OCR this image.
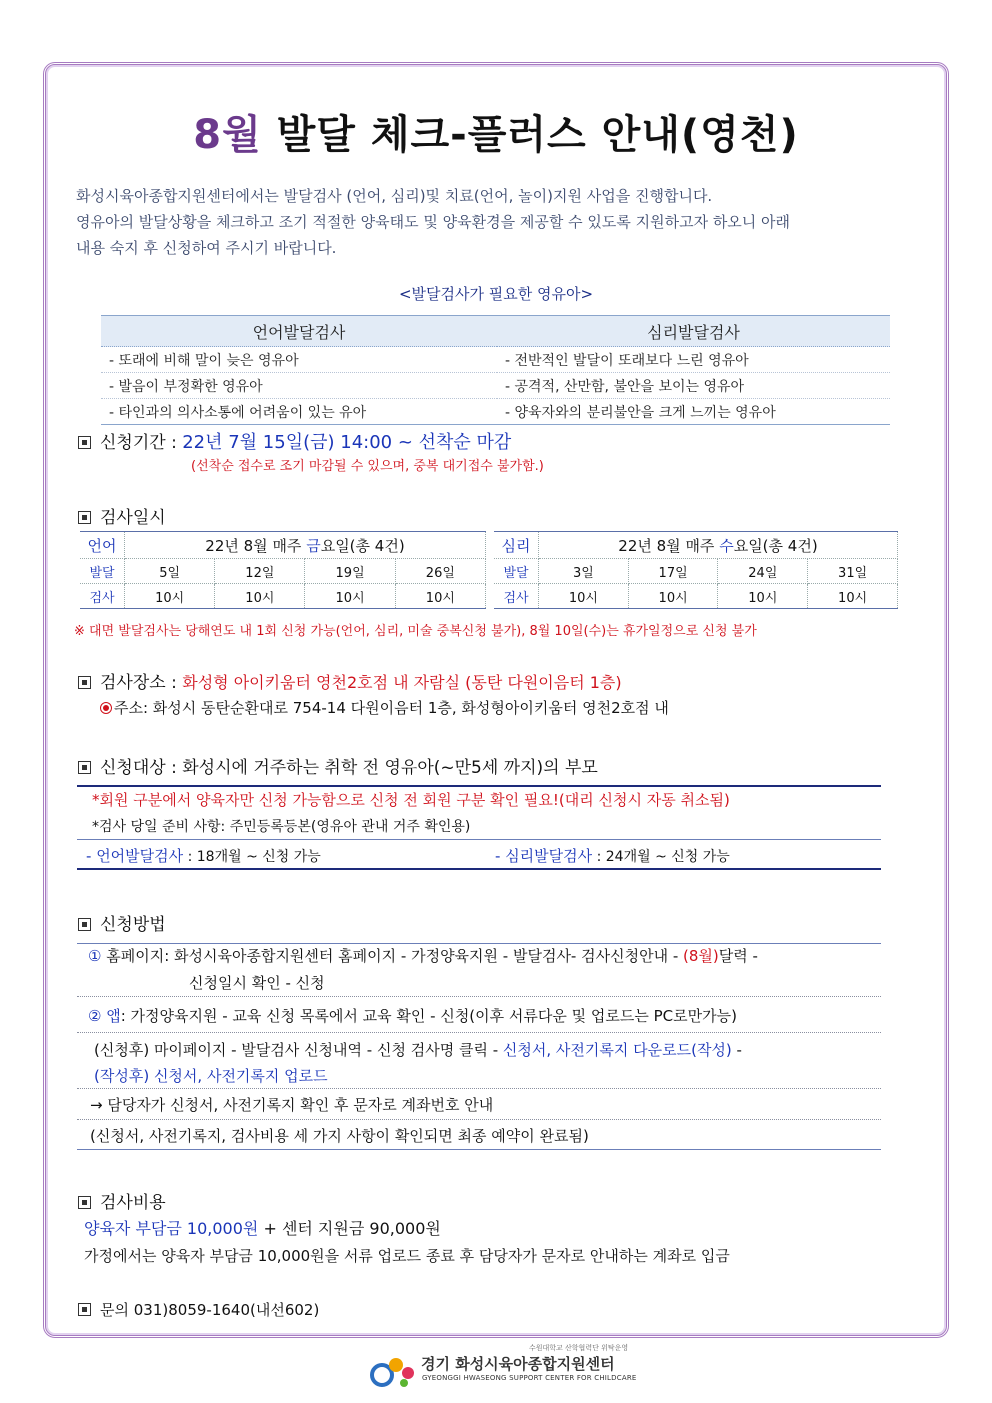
8월 발달 체크-플러스 안내(영천)
화성시육아종합지원센터에서는 발달검사 (언어, 심리)및 치료(언어, 놀이)지원 사업을 진행합니다.
영유아의 발달상황을 체크하고 조기 적절한 양육태도 및 양육환경을 제공할 수 있도록 지원하고자 하오니 아래
내용 숙지 후 신청하여 주시기 바랍니다.
<발달검사가 필요한 영유아>
언어발달검사	심리발달검사
- 또래에 비해 말이 늦은 영유아	- 전반적인 발달이 또래보다 느린 영유아
- 발음이 부정확한 영유아	- 공격적, 산만함, 불안을 보이는 영유아
- 타인과의 의사소통에 어려움이 있는 유아	- 양육자와의 분리불안을 크게 느끼는 영유아
신청기간 : 22년 7월 15일(금) 14:00 ~ 선착순 마감
(선착순 접수로 조기 마감될 수 있으며, 중복 대기접수 불가함.)
검사일시
언어	22년 8월 매주 금요일(총 4건)			
발달	5일	12일	19일	26일
검사	10시	10시	10시	10시
심리	22년 8월 매주 수요일(총 4건)			
발달	3일	17일	24일	31일
검사	10시	10시	10시	10시
※ 대면 발달검사는 당해연도 내 1회 신청 가능(언어, 심리, 미술 중복신청 불가), 8월 10일(수)는 휴가일정으로 신청 불가
검사장소 : 화성형 아이키움터 영천2호점 내 자람실 (동탄 다원이음터 1층)
주소: 화성시 동탄순환대로 754-14 다원이음터 1층, 화성형아이키움터 영천2호점 내
신청대상 : 화성시에 거주하는 취학 전 영유아(~만5세 까지)의 부모
*회원 구분에서 양육자만 신청 가능함으로 신청 전 회원 구분 확인 필요!(대리 신청시 자동 취소됨)
*검사 당일 준비 사항: 주민등록등본(영유아 관내 거주 확인용)
- 언어발달검사 : 18개월 ~ 신청 가능	- 심리발달검사 : 24개월 ~ 신청 가능
신청방법
① 홈페이지: 화성시육아종합지원센터 홈페이지 - 가정양육지원 - 발달검사- 검사신청안내 - (8월)달력 -
신청일시 확인 - 신청
② 앱: 가정양육지원 - 교육 신청 목록에서 교육 확인 - 신청(이후 서류다운 및 업로드는 PC로만가능)
(신청후) 마이페이지 - 발달검사 신청내역 - 신청 검사명 클릭 - 신청서, 사전기록지 다운로드(작성) -
(작성후) 신청서, 사전기록지 업로드
→ 담당자가 신청서, 사전기록지 확인 후 문자로 계좌번호 안내
(신청서, 사전기록지, 검사비용 세 가지 사항이 확인되면 최종 예약이 완료됨)
검사비용
양육자 부담금 10,000원 + 센터 지원금 90,000원
가정에서는 양육자 부담금 10,000원을 서류 업로드 종료 후 담당자가 문자로 안내하는 계좌로 입금
문의 031)8059-1640(내선602)
수원대학교 산학협력단 위탁운영
경기 화성시육아종합지원센터
GYEONGGI HWASEONG SUPPORT CENTER FOR CHILDCARE
